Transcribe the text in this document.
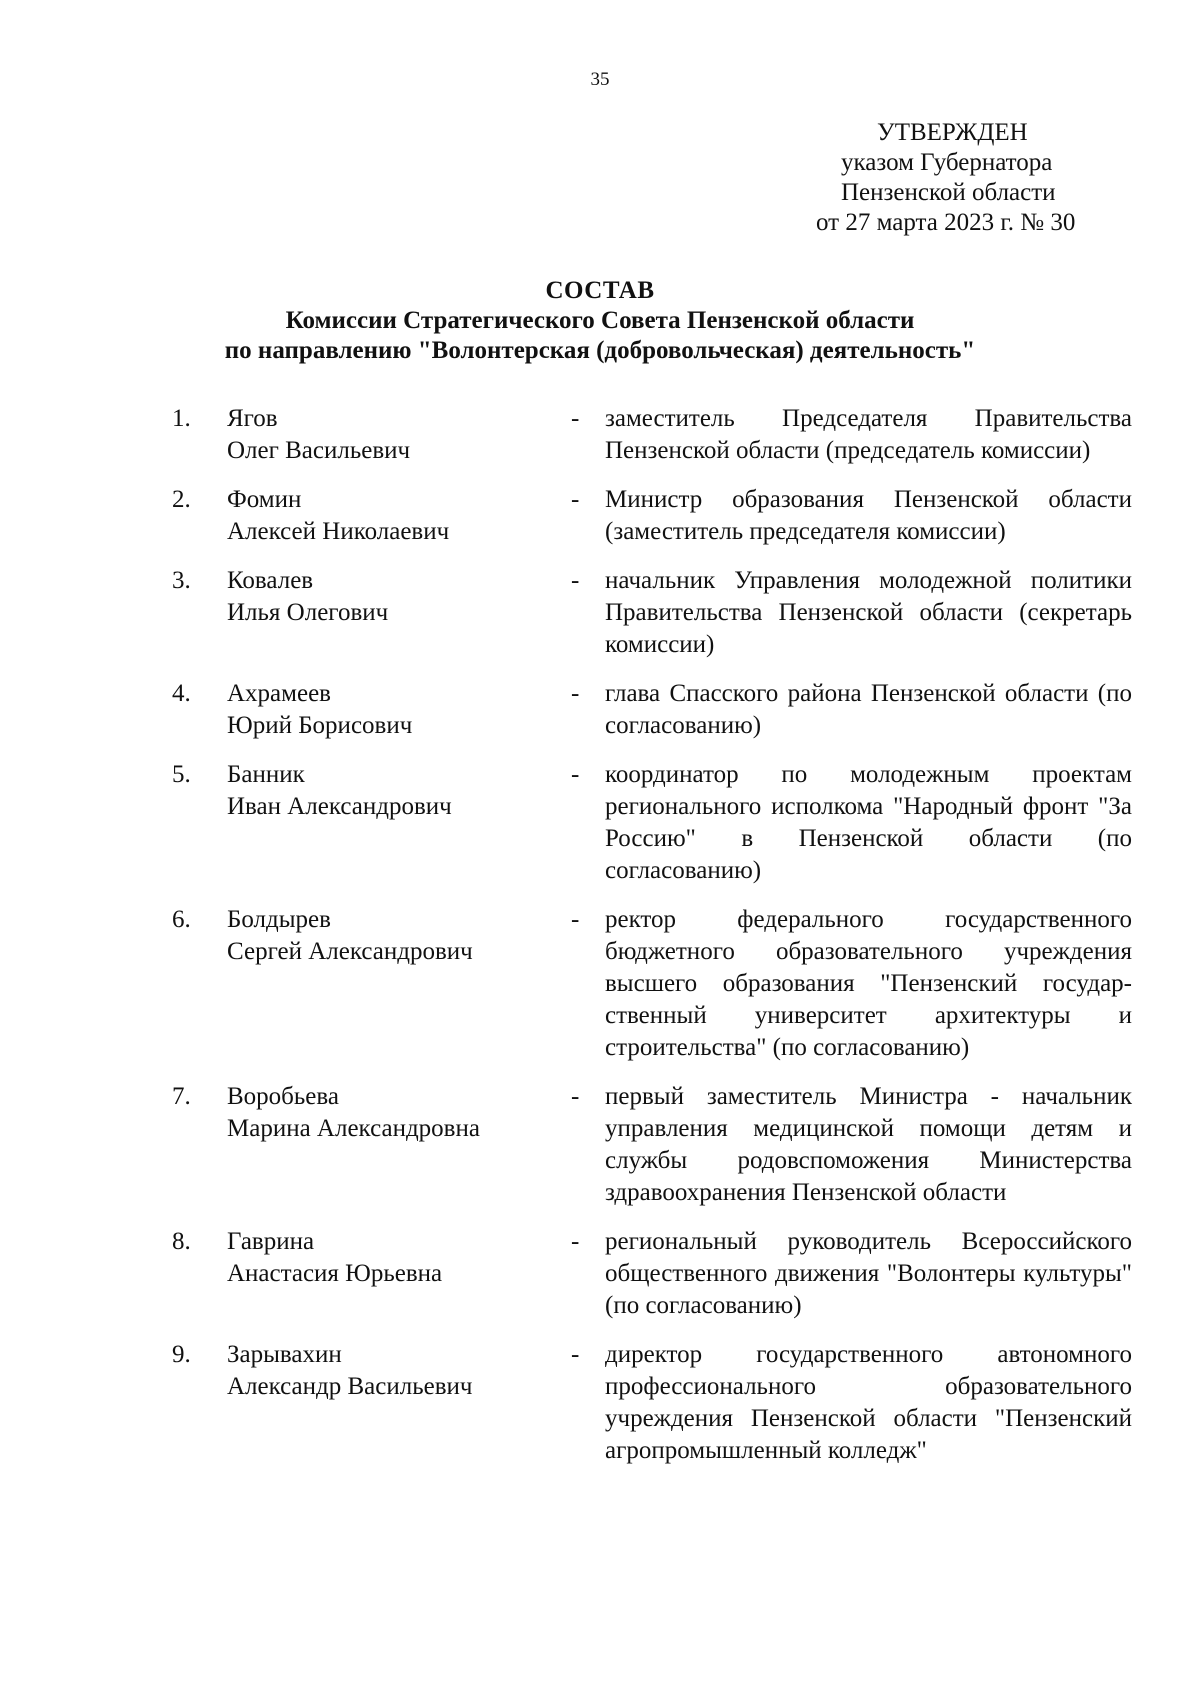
35
УТВЕРЖДЕН
указом Губернатора
Пензенской области
от 27 марта 2023 г. № 30
СОСТАВ
Комиссии Стратегического Совета Пензенской области
по направлению "Волонтерская (добровольческая) деятельность"
1.	Ягов
Олег Васильевич
-	заместитель Председателя Правительства Пензенской области (председатель комиссии)
2.	Фомин
Алексей Николаевич
-	Министр образования Пензенской области (заместитель председателя комиссии)
3.	Ковалев
Илья Олегович
-	начальник Управления молодежной политики Правительства Пензенской области (секретарь комиссии)
4.	Ахрамеев
Юрий Борисович
-	глава Спасского района Пензенской области (по согласованию)
5.	Банник
Иван Александрович
-	координатор по молодежным проектам регионального исполкома "Народный фронт "За Россию" в Пензенской области (по согласованию)
6.	Болдырев
Сергей Александрович
-	ректор федерального государственного бюджетного образовательного учреждения высшего образования "Пензенский государственный университет архитектуры и строительства" (по согласованию)
7.	Воробьева
Марина Александровна
-	первый заместитель Министра - начальник управления медицинской помощи детям и службы родовспоможения Министерства здравоохранения Пензенской области
8.	Гаврина
Анастасия Юрьевна
-	региональный руководитель Всероссийского общественного движения "Волонтеры культуры" (по согласованию)
9.	Зарывахин
Александр Васильевич
-	директор государственного автономного профессионального образовательного учреждения Пензенской области "Пензенский агропромышленный колледж"
